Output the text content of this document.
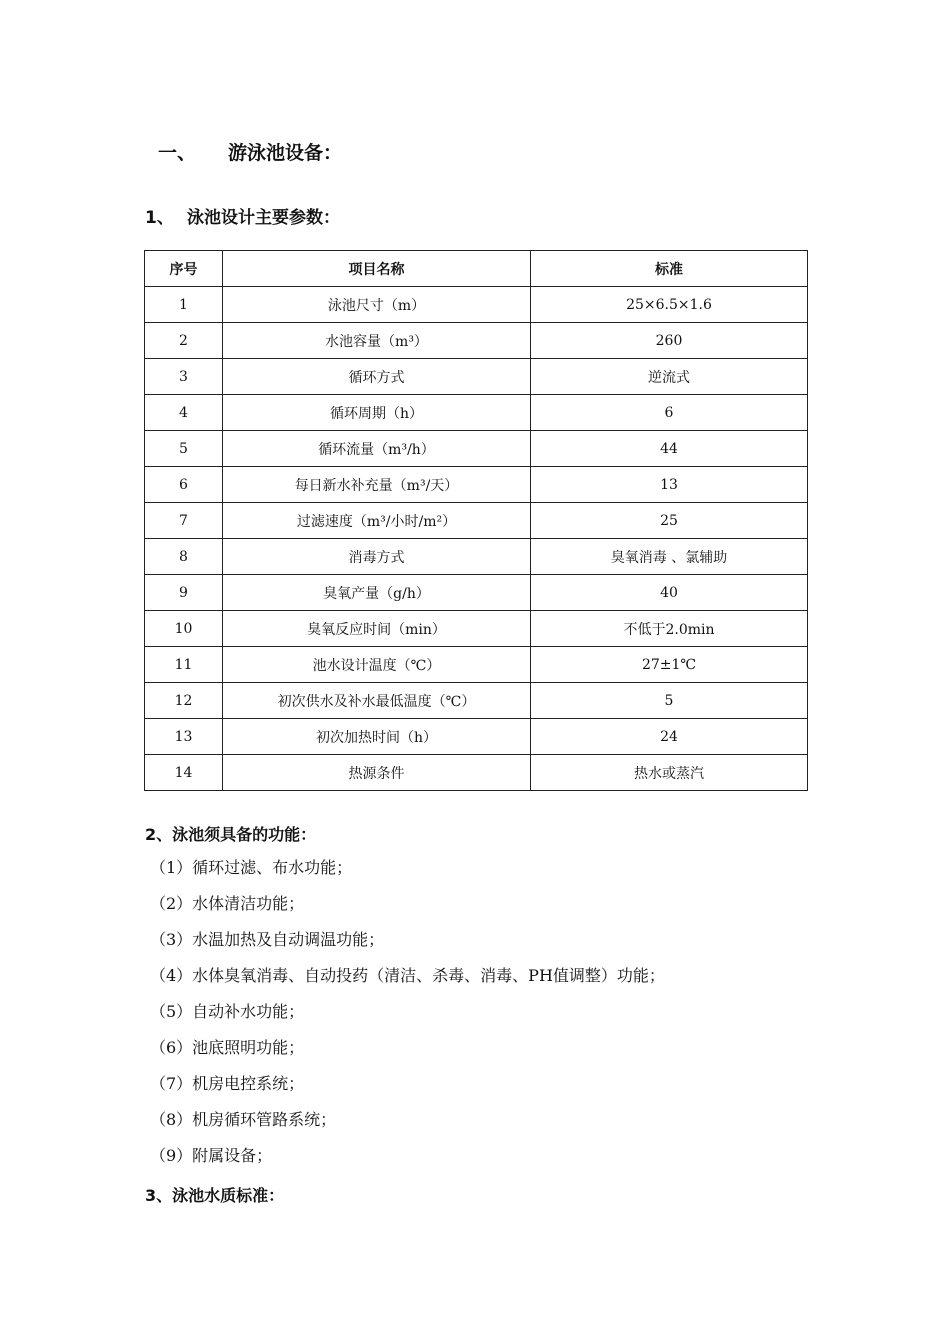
一、 游泳池设备：
1、 泳池设计主要参数：
序号	项目名称	标准
1	泳池尺寸（m）	25×6.5×1.6
2	水池容量（m³）	260
3	循环方式	逆流式
4	循环周期（h）	6
5	循环流量（m³/h）	44
6	每日新水补充量（m³/天）	13
7	过滤速度（m³/小时/m²）	25
8	消毒方式	臭氧消毒 、氯辅助
9	臭氧产量（g/h）	40
10	臭氧反应时间（min）	不低于2.0min
11	池水设计温度（℃）	27±1℃
12	初次供水及补水最低温度（℃）	5
13	初次加热时间（h）	24
14	热源条件	热水或蒸汽
2、泳池须具备的功能：
（1）循环过滤、布水功能；
（2）水体清洁功能；
（3）水温加热及自动调温功能；
（4）水体臭氧消毒、自动投药（清洁、杀毒、消毒、PH值调整）功能；
（5）自动补水功能；
（6）池底照明功能；
（7）机房电控系统；
（8）机房循环管路系统；
（9）附属设备；
3、泳池水质标准：
